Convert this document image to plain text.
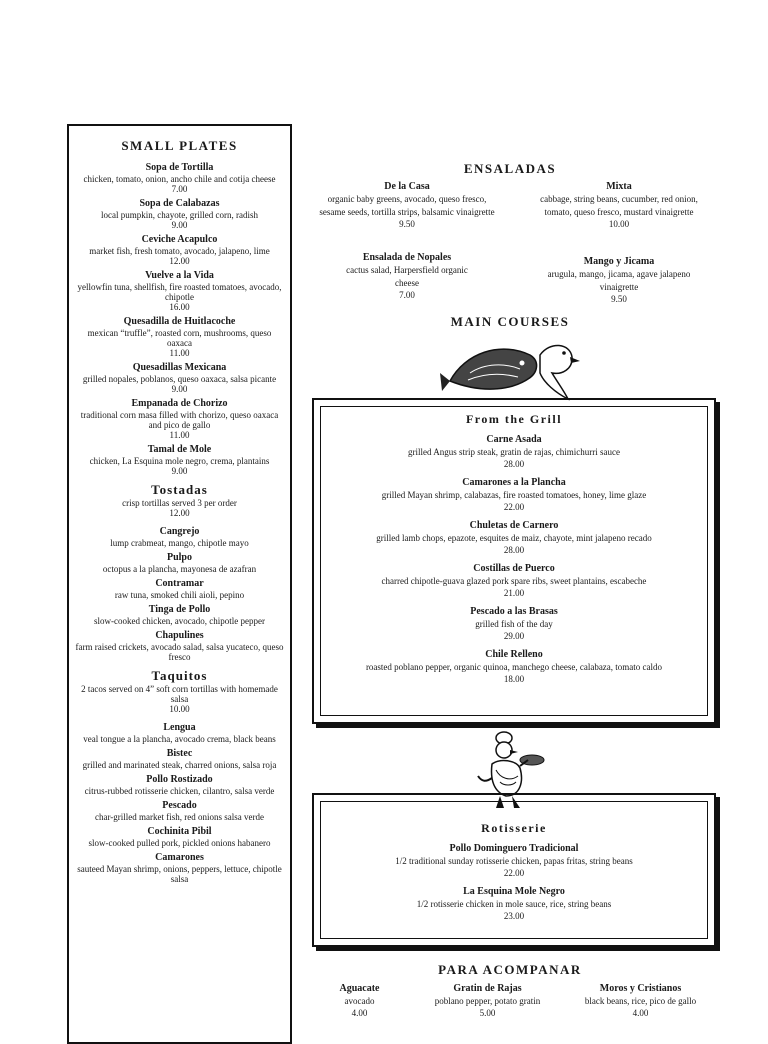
SMALL PLATES
Sopa de Tortilla
chicken, tomato, onion, ancho chile and cotija cheese
7.00
Sopa de Calabazas
local pumpkin, chayote, grilled corn, radish
9.00
Ceviche Acapulco
market fish, fresh tomato, avocado, jalapeno, lime
12.00
Vuelve a la Vida
yellowfin tuna, shellfish, fire roasted tomatoes, avocado, chipotle
16.00
Quesadilla de Huitlacoche
mexican “truffle”, roasted corn, mushrooms, queso oaxaca
11.00
Quesadillas Mexicana
grilled nopales, poblanos, queso oaxaca, salsa picante
9.00
Empanada de Chorizo
traditional corn masa filled with chorizo, queso oaxaca and pico de gallo
11.00
Tamal de Mole
chicken, La Esquina mole negro, crema, plantains
9.00
Tostadas
crisp tortillas served 3 per order
12.00
Cangrejo
lump crabmeat, mango, chipotle mayo
Pulpo
octopus a la plancha, mayonesa de azafran
Contramar
raw tuna, smoked chili aioli, pepino
Tinga de Pollo
slow-cooked chicken, avocado, chipotle pepper
Chapulines
farm raised crickets, avocado salad, salsa yucateco, queso fresco
Taquitos
2 tacos served on 4” soft corn tortillas with homemade salsa
10.00
Lengua
veal tongue a la plancha, avocado crema, black beans
Bistec
grilled and marinated steak, charred onions, salsa roja
Pollo Rostizado
citrus-rubbed rotisserie chicken, cilantro, salsa verde
Pescado
char-grilled market fish, red onions salsa verde
Cochinita Pibil
slow-cooked pulled pork, pickled onions habanero
Camarones
sauteed Mayan shrimp, onions, peppers, lettuce, chipotle salsa
ENSALADAS
De la Casa
organic baby greens, avocado, queso fresco, sesame seeds, tortilla strips, balsamic vinaigrette
9.50
Mixta
cabbage, string beans, cucumber, red onion, tomato, queso fresco, mustard vinaigrette
10.00
Ensalada de Nopales
cactus salad, Harpersfield organic cheese
7.00
Mango y Jicama
arugula, mango, jicama, agave jalapeno vinaigrette
9.50
MAIN COURSES
From the Grill
Carne Asada
grilled Angus strip steak, gratin de rajas, chimichurri sauce
28.00
Camarones a la Plancha
grilled Mayan shrimp, calabazas, fire roasted tomatoes, honey, lime glaze
22.00
Chuletas de Carnero
grilled lamb chops, epazote, esquites de maiz, chayote, mint jalapeno recado
28.00
Costillas de Puerco
charred chipotle-guava glazed pork spare ribs, sweet plantains, escabeche
21.00
Pescado a las Brasas
grilled fish of the day
29.00
Chile Relleno
roasted poblano pepper, organic quinoa, manchego cheese, calabaza, tomato caldo
18.00
Rotisserie
Pollo Dominguero Tradicional
1/2 traditional sunday rotisserie chicken, papas fritas, string beans
22.00
La Esquina Mole Negro
1/2 rotisserie chicken in mole sauce, rice, string beans
23.00
PARA ACOMPANAR
Aguacate
avocado
4.00
Gratin de Rajas
poblano pepper, potato gratin
5.00
Moros y Cristianos
black beans, rice, pico de gallo
4.00
